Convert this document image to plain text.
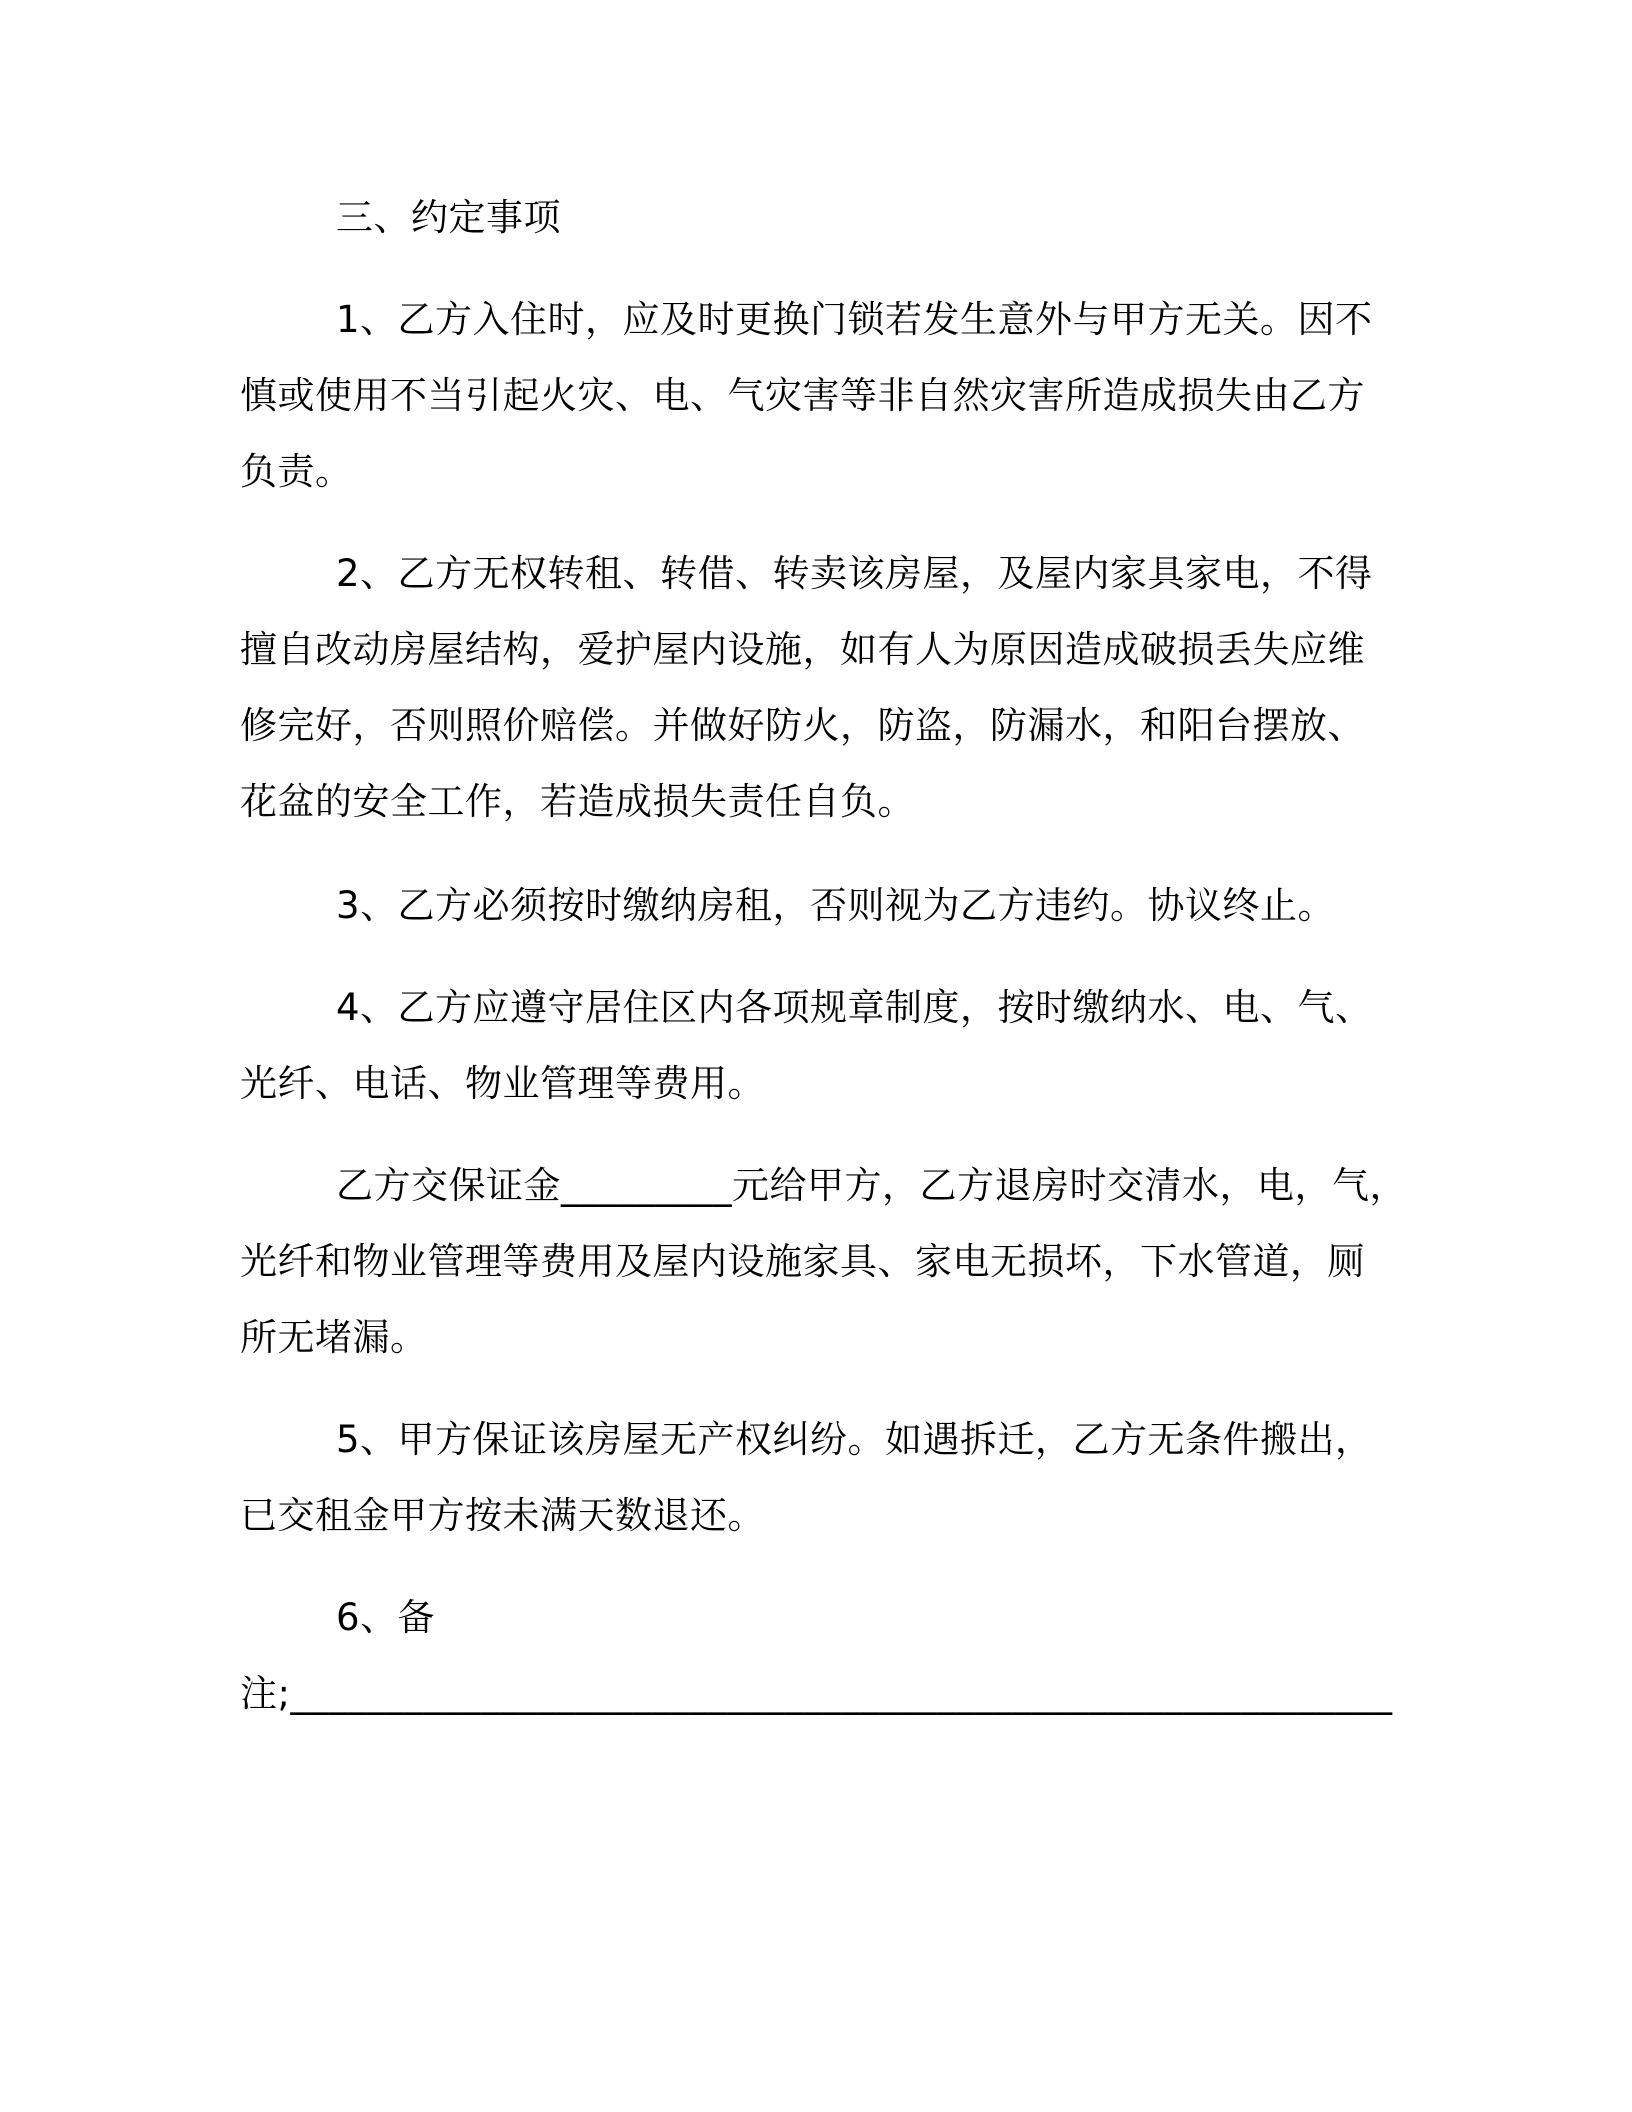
三、约定事项
1、乙方入住时，应及时更换门锁若发生意外与甲方无关。因不
慎或使用不当引起火灾、电、气灾害等非自然灾害所造成损失由乙方
负责。
2、乙方无权转租、转借、转卖该房屋，及屋内家具家电，不得
擅自改动房屋结构，爱护屋内设施，如有人为原因造成破损丢失应维
修完好，否则照价赔偿。并做好防火，防盗，防漏水，和阳台摆放、
花盆的安全工作，若造成损失责任自负。
3、乙方必须按时缴纳房租，否则视为乙方违约。协议终止。
4、乙方应遵守居住区内各项规章制度，按时缴纳水、电、气、
光纤、电话、物业管理等费用。
乙方交保证金_________元给甲方，乙方退房时交清水，电，气，
光纤和物业管理等费用及屋内设施家具、家电无损坏，下水管道，厕
所无堵漏。
5、甲方保证该房屋无产权纠纷。如遇拆迁，乙方无条件搬出，
已交租金甲方按未满天数退还。
6、备
注;__________________________________________________________
